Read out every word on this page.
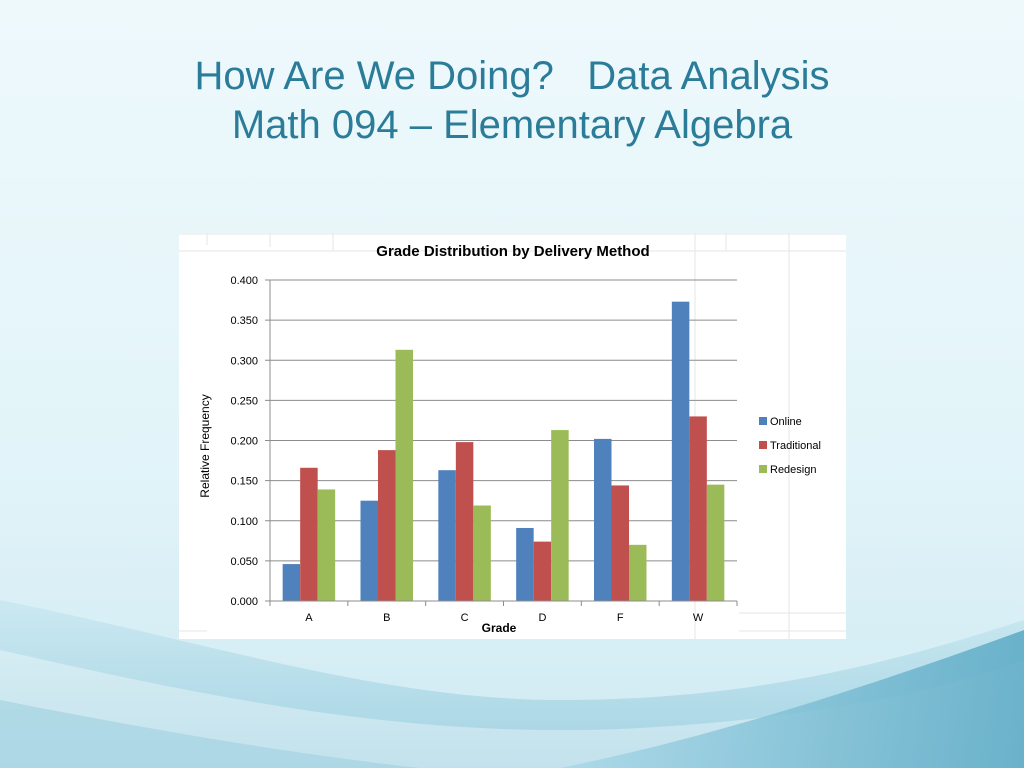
How Are We Doing?   Data Analysis
Math 094 – Elementary Algebra
Grade Distribution by Delivery Method
Relative Frequency
Grade
0.000
0.050
0.100
0.150
0.200
0.250
0.300
0.350
0.400
A	B	C	D	F	W
Online
Traditional
Redesign
